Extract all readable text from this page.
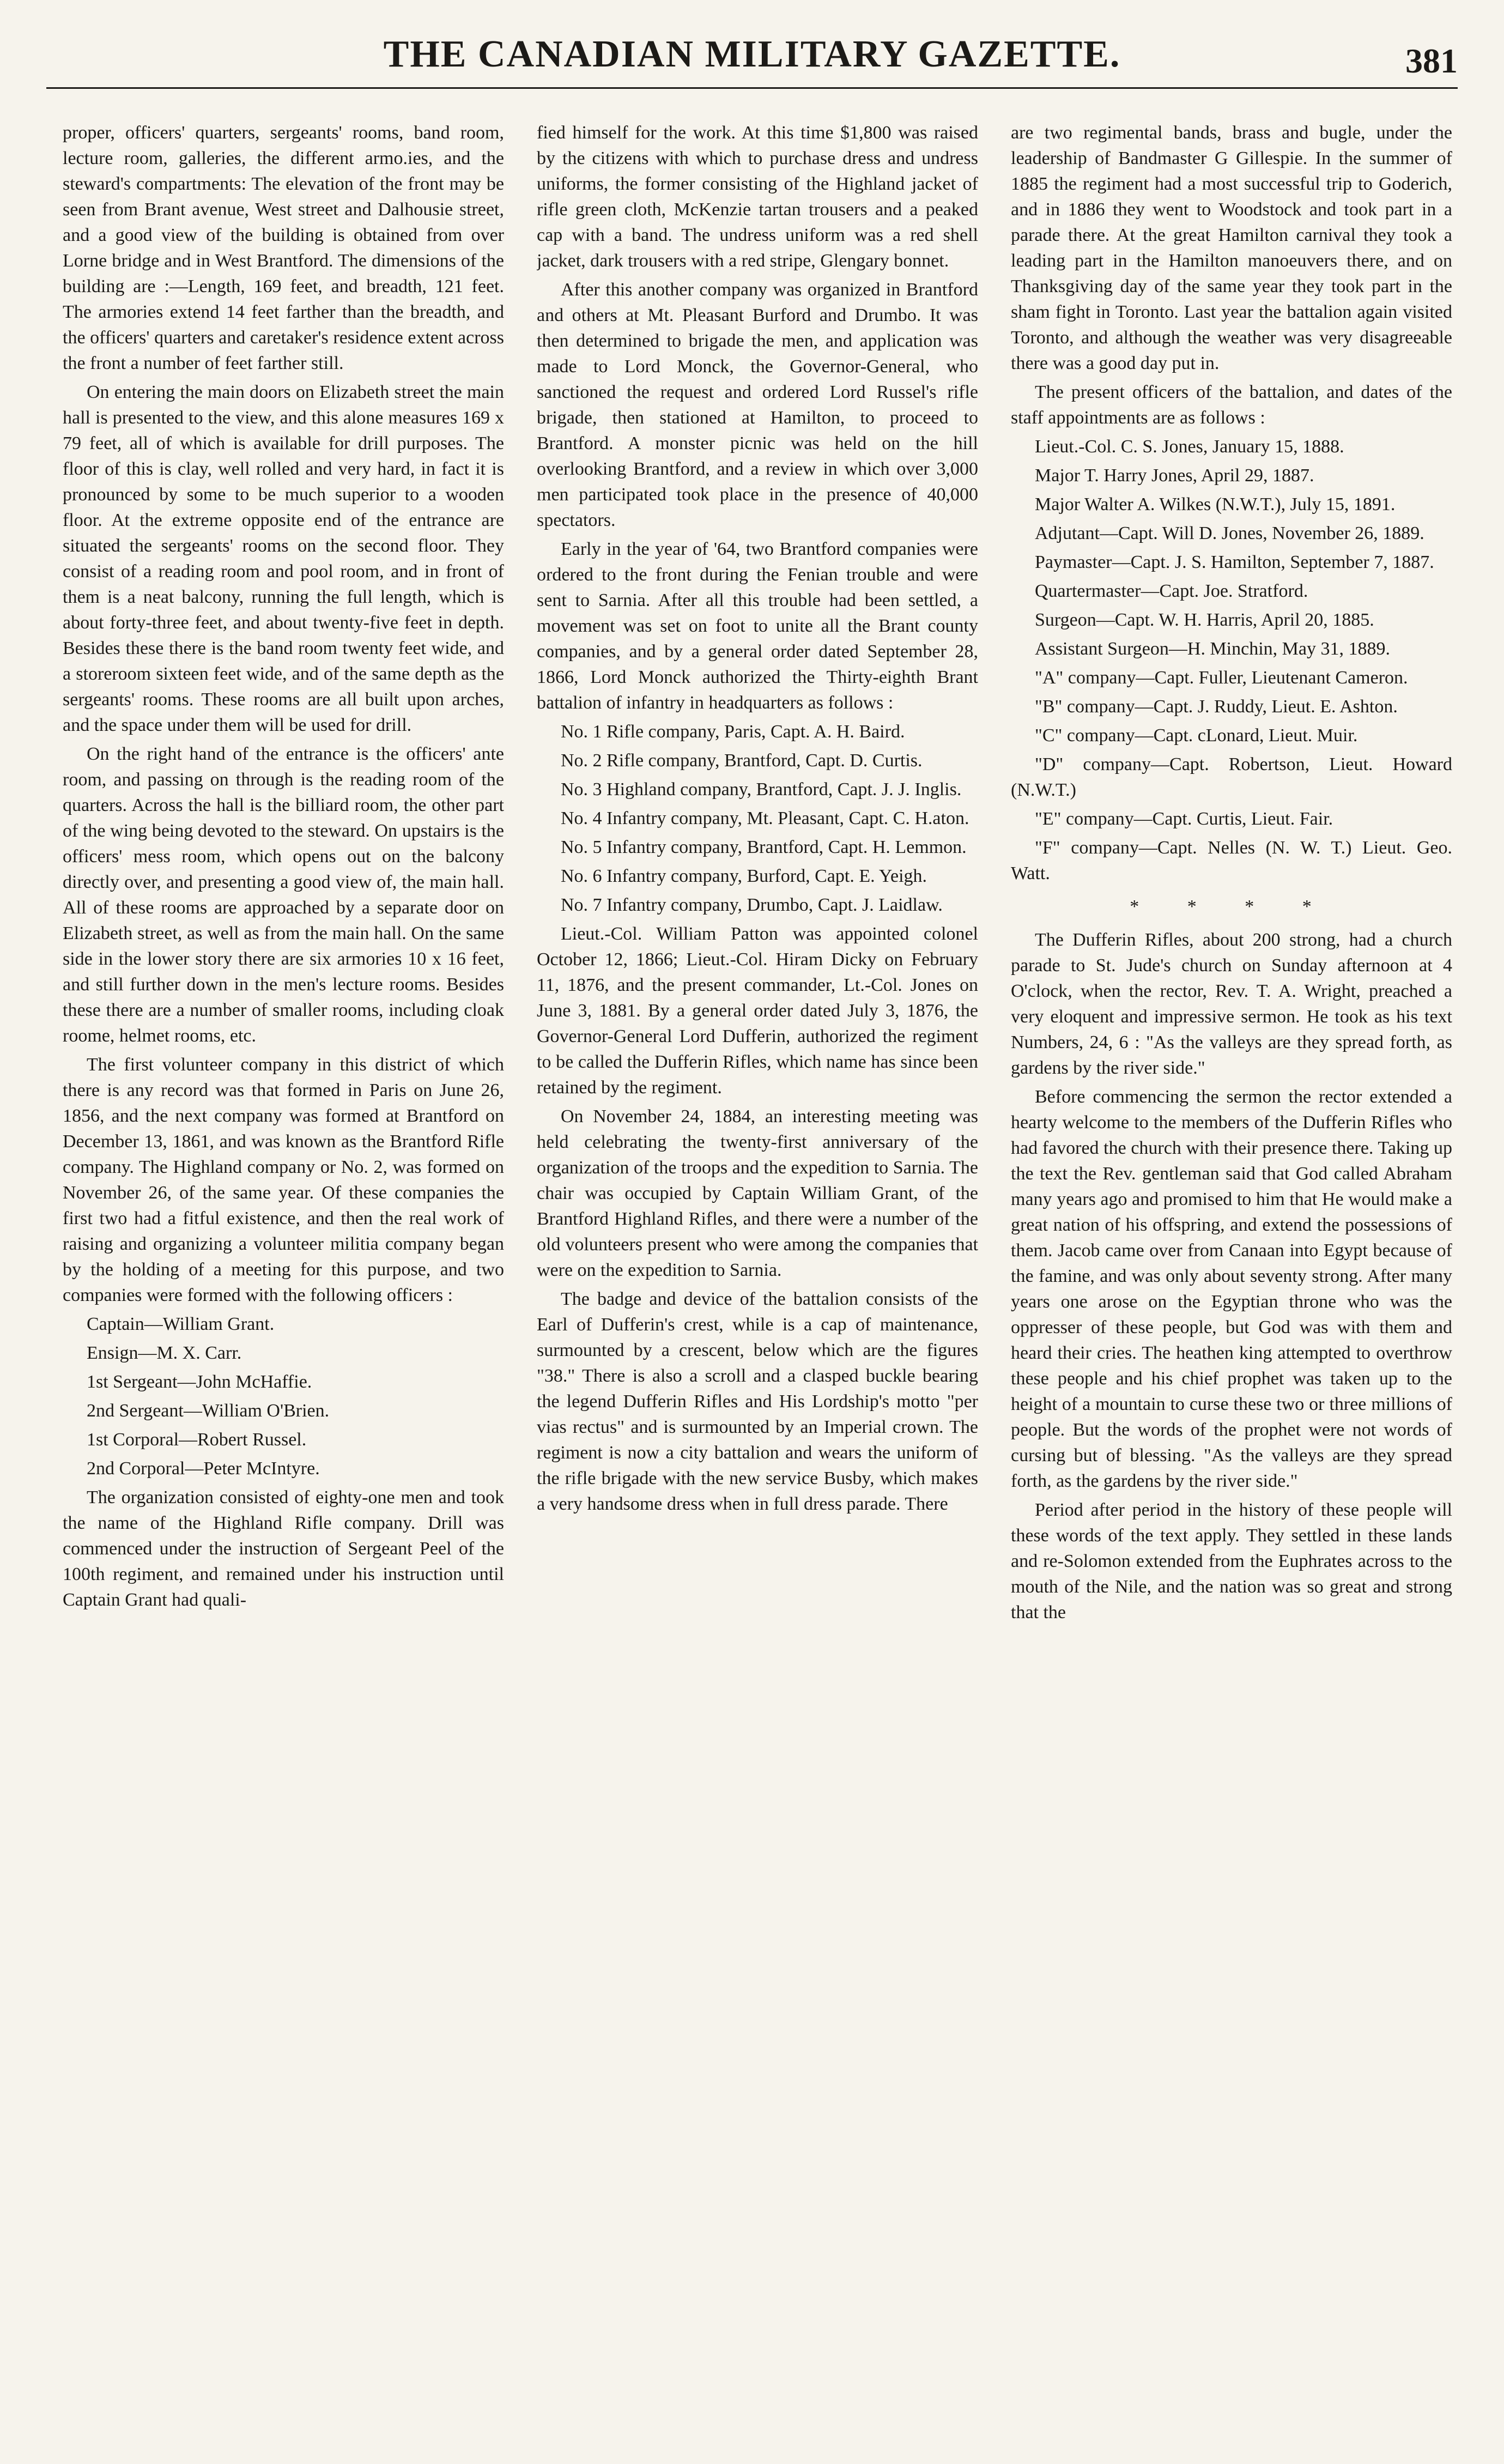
THE CANADIAN MILITARY GAZETTE.	38​1

proper, officers' quarters, sergeants' rooms, band room, lecture room, galleries, the different armo.ies, and the steward's compartments: The elevation of the front may be seen from Brant avenue, West street and Dalhousie street, and a good view of the building is obtained from over Lorne bridge and in West Brantford. The dimensions of the building are :—Length, 169 feet, and breadth, 121 feet. The armories extend 14 feet farther than the breadth, and the officers' quarters and caretaker's residence extent across the front a number of feet farther still.

On entering the main doors on Elizabeth street the main hall is presented to the view, and this alone measures 169 x 79 feet, all of which is available for drill purposes. The floor of this is clay, well rolled and very hard, in fact it is pronounced by some to be much superior to a wooden floor. At the extreme opposite end of the entrance are situated the sergeants' rooms on the second floor. They consist of a reading room and pool room, and in front of them is a neat balcony, running the full length, which is about forty-three feet, and about twenty-five feet in depth. Besides these there is the band room twenty feet wide, and a storeroom sixteen feet wide, and of the same depth as the sergeants' rooms. These rooms are all built upon arches, and the space under them will be used for drill.

On the right hand of the entrance is the officers' ante room, and passing on through is the reading room of the quarters. Across the hall is the billiard room, the other part of the wing being devoted to the steward. On upstairs is the officers' mess room, which opens out on the balcony directly over, and presenting a good view of, the main hall. All of these rooms are approached by a separate door on Elizabeth street, as well as from the main hall. On the same side in the lower story there are six armories 10 x 16 feet, and still further down in the men's lecture rooms. Besides these there are a number of smaller rooms, including cloak roome, helmet rooms, etc.

The first volunteer company in this district of which there is any record was that formed in Paris on June 26, 1856, and the next company was formed at Brantford on December 13, 1861, and was known as the Brantford Rifle company. The Highland company or No. 2, was formed on November 26, of the same year. Of these companies the first two had a fitful existence, and then the real work of raising and organizing a volunteer militia company began by the holding of a meeting for this purpose, and two companies were formed with the following officers :

Captain—William Grant.

Ensign—M. X. Carr.

1st Sergeant—John McHaffie.

2nd Sergeant—William O'Brien.

1st Corporal—Robert Russel.

2nd Corporal—Peter McIntyre.

The organization consisted of eighty-one men and took the name of the Highland Rifle company. Drill was commenced under the instruction of Sergeant Peel of the 100th regiment, and remained under his instruction until Captain Grant had quali-

fied himself for the work. At this time $1,800 was raised by the citizens with which to purchase dress and undress uniforms, the former consisting of the Highland jacket of rifle green cloth, McKenzie tartan trousers and a peaked cap with a band. The undress uniform was a red shell jacket, dark trousers with a red stripe, Glengary bonnet.

After this another company was organized in Brantford and others at Mt. Pleasant Burford and Drumbo. It was then determined to brigade the men, and application was made to Lord Monck, the Governor-General, who sanctioned the request and ordered Lord Russel's rifle brigade, then stationed at Hamilton, to proceed to Brantford. A monster picnic was held on the hill overlooking Brantford, and a review in which over 3,000 men participated took place in the presence of 40,000 spectators.

Early in the year of '64, two Brantford companies were ordered to the front during the Fenian trouble and were sent to Sarnia. After all this trouble had been settled, a movement was set on foot to unite all the Brant county companies, and by a general order dated September 28, 1866, Lord Monck authorized the Thirty-eighth Brant battalion of infantry in headquarters as follows :

No. 1 Rifle company, Paris, Capt. A. H. Baird.

No. 2 Rifle company, Brantford, Capt. D. Curtis.

No. 3 Highland company, Brantford, Capt. J. J. Inglis.

No. 4 Infantry company, Mt. Pleasant, Capt. C. H.aton.

No. 5 Infantry company, Brantford, Capt. H. Lemmon.

No. 6 Infantry company, Burford, Capt. E. Yeigh.

No. 7 Infantry company, Drumbo, Capt. J. Laidlaw.

Lieut.-Col. William Patton was appointed colonel October 12, 1866; Lieut.-Col. Hiram Dicky on February 11, 1876, and the present commander, Lt.-Col. Jones on June 3, 1881. By a general order dated July 3, 1876, the Governor-General Lord Dufferin, authorized the regiment to be called the Dufferin Rifles, which name has since been retained by the regiment.

On November 24, 1884, an interesting meeting was held celebrating the twenty-first anniversary of the organization of the troops and the expedition to Sarnia. The chair was occupied by Captain William Grant, of the Brantford Highland Rifles, and there were a number of the old volunteers present who were among the companies that were on the expedition to Sarnia.

The badge and device of the battalion consists of the Earl of Dufferin's crest, while is a cap of maintenance, surmounted by a crescent, below which are the figures "38." There is also a scroll and a clasped buckle bearing the legend Dufferin Rifles and His Lordship's motto "per vias rectus" and is surmounted by an Imperial crown. The regiment is now a city battalion and wears the uniform of the rifle brigade with the new service Busby, which makes a very handsome dress when in full dress parade. There

are two regimental bands, brass and bugle, under the leadership of Bandmaster G Gillespie. In the summer of 1885 the regiment had a most successful trip to Goderich, and in 1886 they went to Woodstock and took part in a parade there. At the great Hamilton carnival they took a leading part in the Hamilton manoeuvers there, and on Thanksgiving day of the same year they took part in the sham fight in Toronto. Last year the battalion again visited Toronto, and although the weather was very disagreeable there was a good day put in.

The present officers of the battalion, and dates of the staff appointments are as follows :

Lieut.-Col. C. S. Jones, January 15, 1888.

Major T. Harry Jones, April 29, 1887.

Major Walter A. Wilkes (N.W.T.), July 15, 1891.

Adjutant—Capt. Will D. Jones, November 26, 1889.

Paymaster—Capt. J. S. Hamilton, September 7, 1887.

Quartermaster—Capt. Joe. Stratford.

Surgeon—Capt. W. H. Harris, April 20, 1885.

Assistant Surgeon—H. Minchin, May 31, 1889.

"A" company—Capt. Fuller, Lieutenant Cameron.

"B" company—Capt. J. Ruddy, Lieut. E. Ashton.

"C" company—Capt. cLonard, Lieut. Muir.

"D" company—Capt. Robertson, Lieut. Howard (N.W.T.)

"E" company—Capt. Curtis, Lieut. Fair.

"F" company—Capt. Nelles (N. W. T.) Lieut. Geo. Watt.

* * * *

The Dufferin Rifles, about 200 strong, had a church parade to St. Jude's church on Sunday afternoon at 4 O'clock, when the rector, Rev. T. A. Wright, preached a very eloquent and impressive sermon. He took as his text Numbers, 24, 6 : "As the valleys are they spread forth, as gardens by the river side."

Before commencing the sermon the rector extended a hearty welcome to the members of the Dufferin Rifles who had favored the church with their presence there. Taking up the text the Rev. gentleman said that God called Abraham many years ago and promised to him that He would make a great nation of his offspring, and extend the possessions of them. Jacob came over from Canaan into Egypt because of the famine, and was only about seventy strong. After many years one arose on the Egyptian throne who was the oppresser of these people, but God was with them and heard their cries. The heathen king attempted to overthrow these people and his chief prophet was taken up to the height of a mountain to curse these two or three millions of people. But the words of the prophet were not words of cursing but of blessing. "As the valleys are they spread forth, as the gardens by the river side."

Period after period in the history of these people will these words of the text apply. They settled in these lands and re-Solomon extended from the Euphrates across to the mouth of the Nile, and the nation was so great and strong that the
